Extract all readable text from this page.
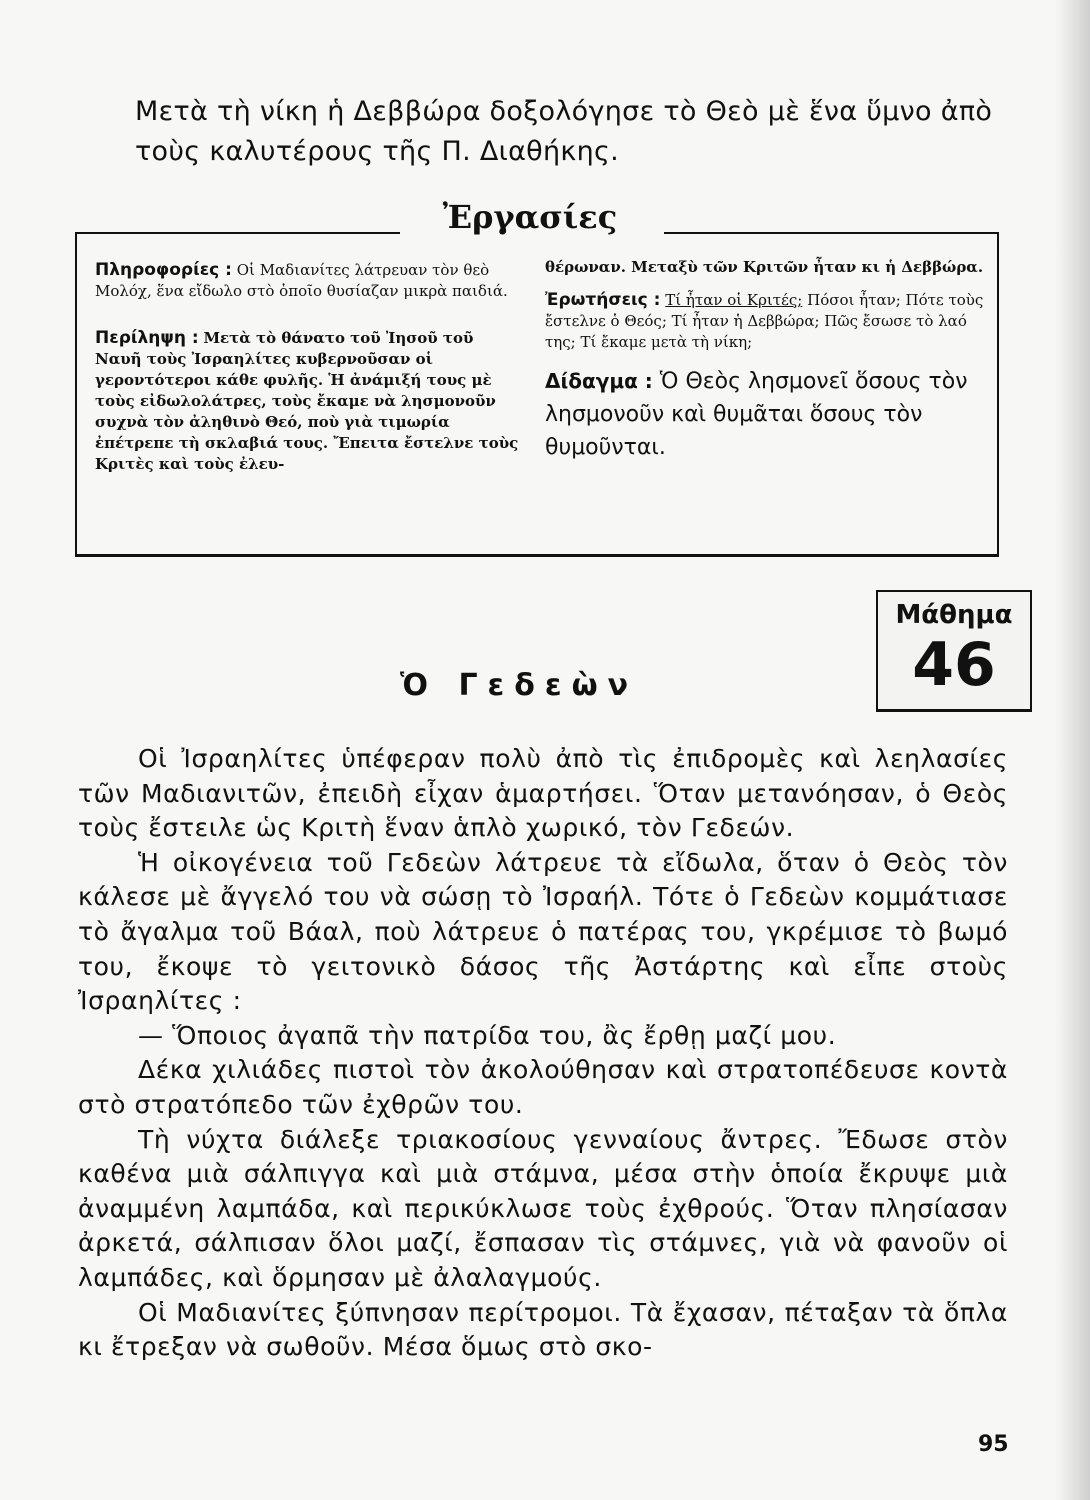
Μετὰ τὴ νίκη ἡ Δεββώρα δοξολόγησε τὸ Θεὸ μὲ ἕνα ὕμνο ἀπὸ τοὺς καλυτέρους τῆς Π. Διαθήκης.

Ἐργασίες

Πληροφορίες : Οἱ Μαδιανίτες λάτρευαν τὸν θεὸ Μολόχ, ἕνα εἴδωλο στὸ ὁποῖο θυσίαζαν μικρὰ παιδιά.

Περίληψη : Μετὰ τὸ θάνατο τοῦ Ἰησοῦ τοῦ Ναυῆ τοὺς Ἰσραηλίτες κυβερνοῦσαν οἱ γεροντότεροι κάθε φυλῆς. Ἡ ἀνάμιξή τους μὲ τοὺς εἰδωλολάτρες, τοὺς ἔκαμε νὰ λησμονοῦν συχνὰ τὸν ἀληθινὸ Θεό, ποὺ γιὰ τιμωρία ἐπέτρεπε τὴ σκλαβιά τους. Ἔπειτα ἔστελνε τοὺς Κριτὲς καὶ τοὺς ἐλευ-

θέρωναν. Μεταξὺ τῶν Κριτῶν ἦταν κι ἡ Δεββώρα.

Ἐρωτήσεις : Τί ἦταν οἱ Κριτές; Πόσοι ἦταν; Πότε τοὺς ἔστελνε ὁ Θεός; Τί ἦταν ἡ Δεββώρα; Πῶς ἔσωσε τὸ λαό της; Τί ἔκαμε μετὰ τὴ νίκη;

Δίδαγμα : Ὁ Θεὸς λησμονεῖ ὅσους τὸν λησμονοῦν καὶ θυμᾶται ὅσους τὸν θυμοῦνται.

Μάθημα
46
Ὁ Γεδεὼν

Οἱ Ἰσραηλίτες ὑπέφεραν πολὺ ἀπὸ τὶς ἐπιδρομὲς καὶ λεηλασίες τῶν Μαδιανιτῶν, ἐπειδὴ εἶχαν ἁμαρτήσει. Ὅταν μετανόησαν, ὁ Θεὸς τοὺς ἔστειλε ὡς Κριτὴ ἕναν ἁπλὸ χωρικό, τὸν Γεδεών.

Ἡ οἰκογένεια τοῦ Γεδεὼν λάτρευε τὰ εἴδωλα, ὅταν ὁ Θεὸς τὸν κάλεσε μὲ ἄγγελό του νὰ σώσῃ τὸ Ἰσραήλ. Τότε ὁ Γεδεὼν κομμάτιασε τὸ ἄγαλμα τοῦ Βάαλ, ποὺ λάτρευε ὁ πατέρας του, γκρέμισε τὸ βωμό του, ἔκοψε τὸ γειτονικὸ δάσος τῆς Ἀστάρτης καὶ εἶπε στοὺς Ἰσραηλίτες :

— Ὅποιος ἀγαπᾶ τὴν πατρίδα του, ἂς ἔρθῃ μαζί μου.

Δέκα χιλιάδες πιστοὶ τὸν ἀκολούθησαν καὶ στρατοπέδευσε κοντὰ στὸ στρατόπεδο τῶν ἐχθρῶν του.

Τὴ νύχτα διάλεξε τριακοσίους γενναίους ἄντρες. Ἔδωσε στὸν καθένα μιὰ σάλπιγγα καὶ μιὰ στάμνα, μέσα στὴν ὁποία ἔκρυψε μιὰ ἀναμμένη λαμπάδα, καὶ περικύκλωσε τοὺς ἐχθρούς. Ὅταν πλησίασαν ἀρκετά, σάλπισαν ὅλοι μαζί, ἔσπασαν τὶς στάμνες, γιὰ νὰ φανοῦν οἱ λαμπάδες, καὶ ὅρμησαν μὲ ἀλαλαγμούς.

Οἱ Μαδιανίτες ξύπνησαν περίτρομοι. Τὰ ἔχασαν, πέταξαν τὰ ὅπλα κι ἔτρεξαν νὰ σωθοῦν. Μέσα ὅμως στὸ σκο-

95
